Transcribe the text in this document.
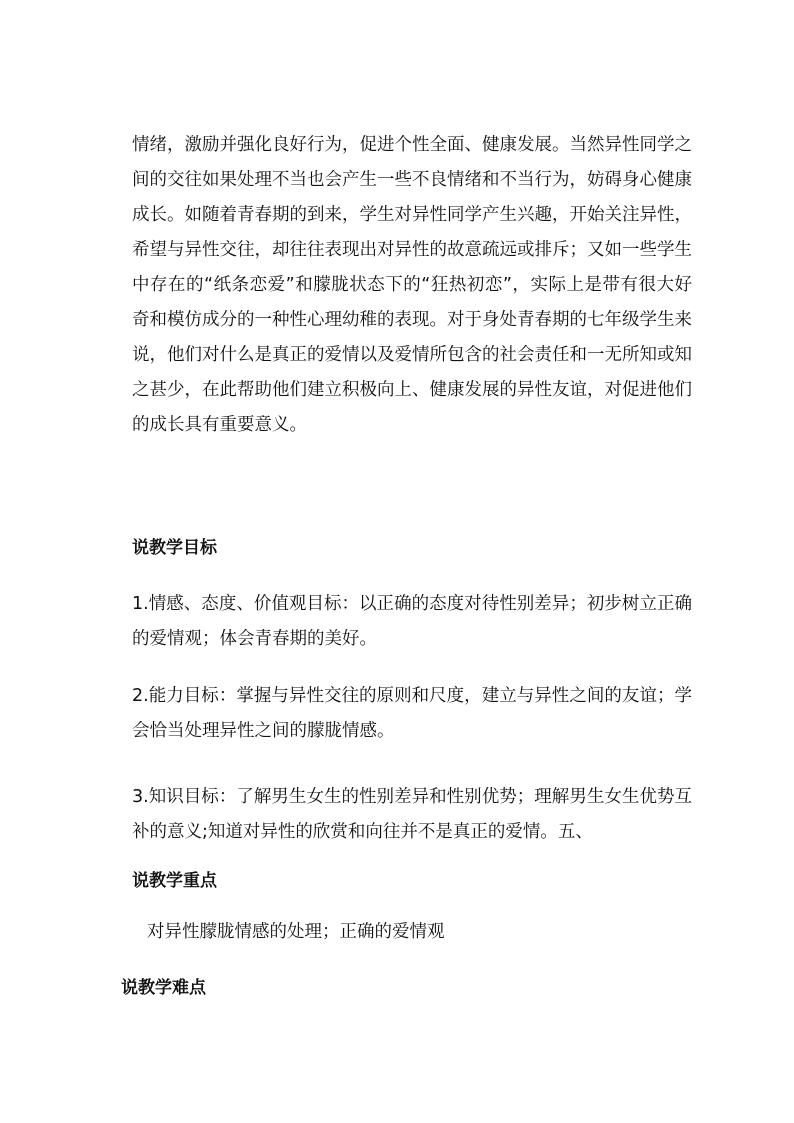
情绪，激励并强化良好行为，促进个性全面、健康发展。当然异性同学之间的交往如果处理不当也会产生一些不良情绪和不当行为，妨碍身心健康成长。如随着青春期的到来，学生对异性同学产生兴趣，开始关注异性，希望与异性交往，却往往表现出对异性的故意疏远或排斥；又如一些学生中存在的“纸条恋爱”和朦胧状态下的“狂热初恋”，实际上是带有很大好奇和模仿成分的一种性心理幼稚的表现。对于身处青春期的七年级学生来说，他们对什么是真正的爱情以及爱情所包含的社会责任和一无所知或知之甚少，在此帮助他们建立积极向上、健康发展的异性友谊，对促进他们的成长具有重要意义。

说教学目标

1.情感、态度、价值观目标：以正确的态度对待性别差异；初步树立正确的爱情观；体会青春期的美好。

2.能力目标：掌握与异性交往的原则和尺度，建立与异性之间的友谊；学会恰当处理异性之间的朦胧情感。

3.知识目标：了解男生女生的性别差异和性别优势；理解男生女生优势互补的意义;知道对异性的欣赏和向往并不是真正的爱情。五、

说教学重点

对异性朦胧情感的处理；正确的爱情观

说教学难点
